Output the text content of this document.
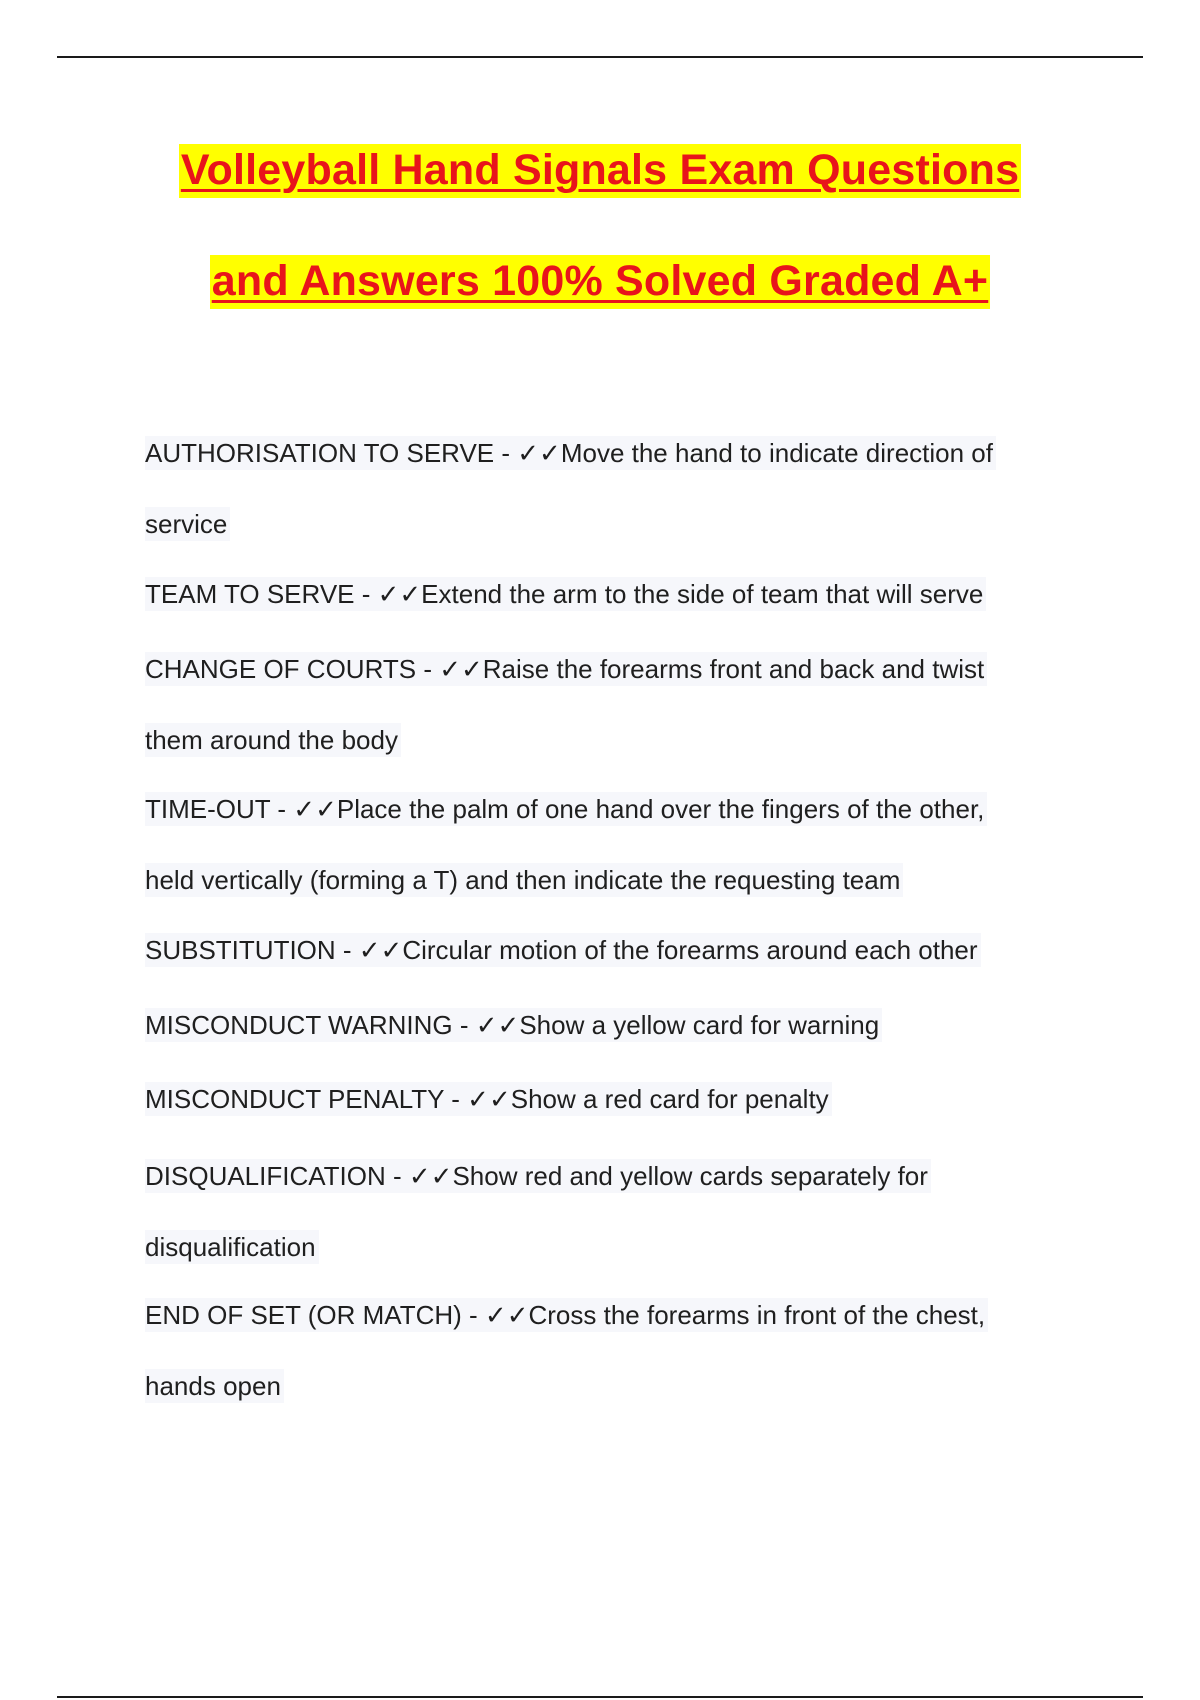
Volleyball Hand Signals Exam Questions
and Answers 100% Solved Graded A+
AUTHORISATION TO SERVE - ✓✓Move the hand to indicate direction of
service
TEAM TO SERVE - ✓✓Extend the arm to the side of team that will serve
CHANGE OF COURTS - ✓✓Raise the forearms front and back and twist
them around the body
TIME-OUT - ✓✓Place the palm of one hand over the fingers of the other,
held vertically (forming a T) and then indicate the requesting team
SUBSTITUTION - ✓✓Circular motion of the forearms around each other
MISCONDUCT WARNING - ✓✓Show a yellow card for warning
MISCONDUCT PENALTY - ✓✓Show a red card for penalty
DISQUALIFICATION - ✓✓Show red and yellow cards separately for
disqualification
END OF SET (OR MATCH) - ✓✓Cross the forearms in front of the chest,
hands open
